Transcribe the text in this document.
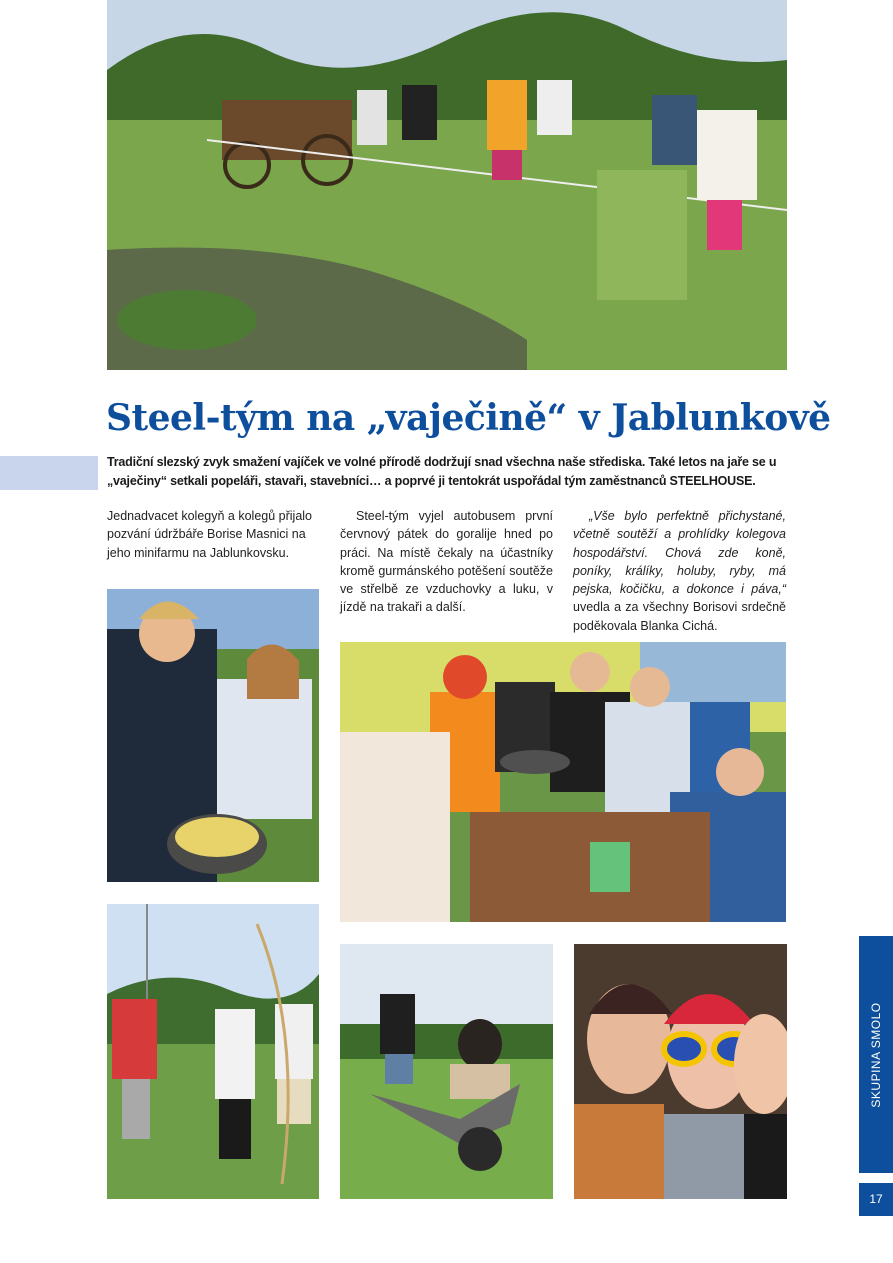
Steel-tým na „vaječině“ v Jablunkově

Tradiční slezský zvyk smažení vajíček ve volné přírodě dodržují snad všechna naše střediska. Také letos na jaře se u „vaječiny“ setkali popeláři, stavaři, stavebníci… a poprvé ji tentokrát uspořádal tým zaměstnanců STEELHOUSE.

Jednadvacet kolegyň a kolegů přijalo pozvání údržbáře Borise Masnici na jeho minifarmu na Jablunkovsku.

Steel-tým vyjel autobusem první červnový pátek do goralije hned po práci. Na místě čekaly na účastníky kromě gurmánského potěšení soutěže ve střelbě ze vzduchovky a luku, v jízdě na trakaři a další.

„Vše bylo perfektně přichystané, včetně soutěží a prohlídky kolegova hospodářství. Chová zde koně, poníky, králíky, holuby, ryby, má pejska, kočičku, a dokonce i páva,“ uvedla a za všechny Borisovi srdečně poděkovala Blanka Cichá.

SKUPINA SMOLO
17
